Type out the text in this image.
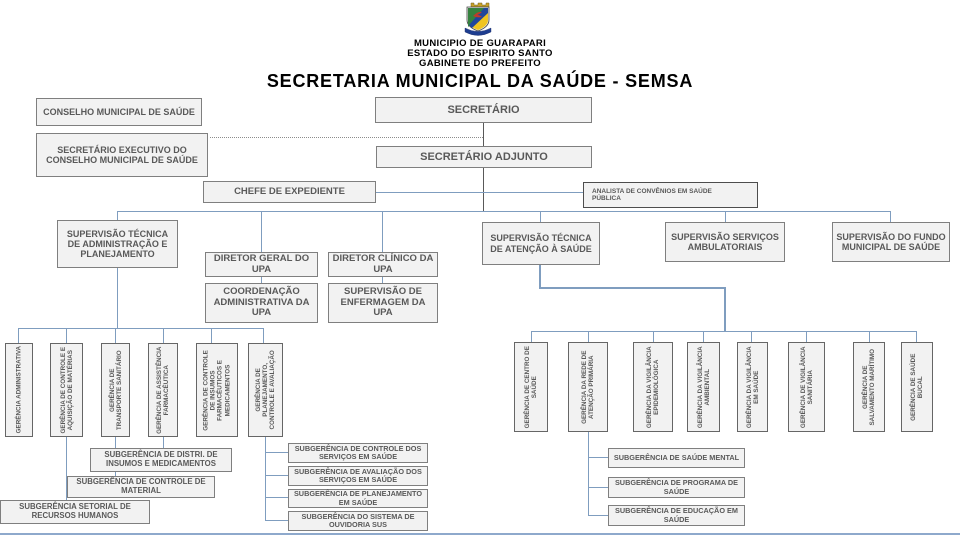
MUNICIPIO DE GUARAPARI
ESTADO DO ESPIRITO SANTO
GABINETE DO PREFEITO
SECRETARIA MUNICIPAL DA SAÚDE - SEMSA
SECRETÁRIO
SECRETÁRIO ADJUNTO
CONSELHO MUNICIPAL DE SAÚDE
SECRETÁRIO EXECUTIVO DO CONSELHO MUNICIPAL DE SAÚDE
CHEFE DE EXPEDIENTE	ANALISTA DE CONVÊNIOS EM SAÚDE PÚBLICA
SUPERVISÃO TÉCNICA DE ADMINISTRAÇÃO E PLANEJAMENTO
SUPERVISÃO TÉCNICA DE ATENÇÃO À SAÚDE
SUPERVISÃO SERVIÇOS AMBULATORIAIS
SUPERVISÃO DO FUNDO MUNICIPAL DE SAÚDE
DIRETOR GERAL DO UPA
DIRETOR CLÍNICO DA UPA
COORDENAÇÃO ADMINISTRATIVA DA UPA
SUPERVISÃO DE ENFERMAGEM DA UPA
GERÊNCIA ADMINISTRATIVA	GERÊNCIA DE CONTROLE E AQUISIÇÃO DE MATÉRIAS	GERÊNCIA DE TRANSPORTE SANITÁRIO	GERÊNCIA DE ASSISTÊNCIA FARMACÊUTICA	GERÊNCIA DE CONTROLE DE INSUMOS FARMACÊUTICOS E MEDICAMENTOS	GERÊNCIA DE PLANEJAMENTO, CONTROLE E AVALIAÇÃO	GERÊNCIA DE CENTRO DE SAÚDE	GERÊNCIA DA REDE DE ATENÇÃO PRIMÁRIA	GERÊNCIA DA VIGILÂNCIA EPIDEMIOLÓGICA	GERÊNCIA DA VIGILÂNCIA AMBIENTAL	GERÊNCIA DA VIGILÂNCIA EM SAÚDE	GERÊNCIA DE VIGILÂNCIA SANITÁRIA	GERÊNCIA DE SALVAMENTO MARÍTIMO	GERÊNCIA DE SAÚDE BUCAL
SUBGERÊNCIA DE DISTRI. DE INSUMOS E MEDICAMENTOS
SUBGERÊNCIA DE CONTROLE DE MATERIAL
SUBGERÊNCIA SETORIAL DE RECURSOS HUMANOS
SUBGERÊNCIA DE CONTROLE DOS SERVIÇOS EM SAÚDE
SUBGERÊNCIA DE AVALIAÇÃO DOS SERVIÇOS EM SAÚDE
SUBGERÊNCIA DE PLANEJAMENTO EM SAÚDE
SUBGERÊNCIA DO SISTEMA DE OUVIDORIA SUS
SUBGERÊNCIA DE SAÚDE MENTAL
SUBGERÊNCIA DE PROGRAMA DE SAÚDE
SUBGERÊNCIA DE EDUCAÇÃO EM SAÚDE
